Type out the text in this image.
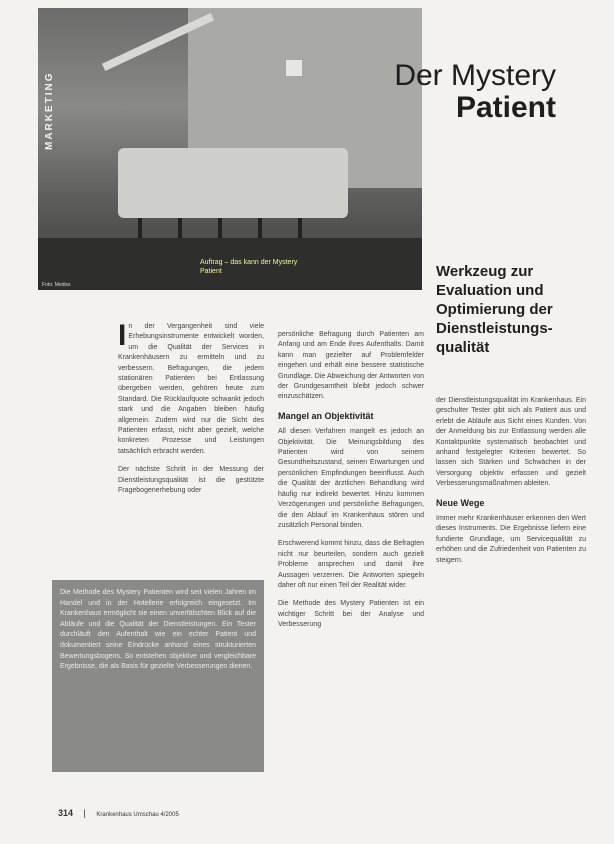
Foto: Medixx
Auftrag – das kann der Mystery Patient
MARKETING	Der Mystery
Patient
Werkzeug zur Evaluation und Optimierung der Dienstleistungs-qualität

In der Vergangenheit sind viele Erhebungsinstrumente entwickelt worden, um die Qualität der Services in Krankenhäusern zu ermitteln und zu verbessern. Befragungen, die jedem stationären Patienten bei Entlassung übergeben werden, gehören heute zum Standard. Die Rücklaufquote schwankt jedoch stark und die Angaben bleiben häufig allgemein. Zudem wird nur die Sicht des Patienten erfasst, nicht aber gezielt, welche konkreten Prozesse und Leistungen tatsächlich erbracht werden.

Der nächste Schritt in der Messung der Dienstleistungsqualität ist die gestützte Fragebogenerhebung oder

persönliche Befragung durch Patienten am Anfang und am Ende ihres Aufenthalts. Damit kann man gezielter auf Problemfelder eingehen und erhält eine bessere statistische Grundlage. Die Abweichung der Antworten von der Grundgesamtheit bleibt jedoch schwer einzuschätzen.

Mangel an Objektivität

All diesen Verfahren mangelt es jedoch an Objektivität. Die Meinungsbildung des Patienten wird von seinem Gesundheitszustand, seinen Erwartungen und persönlichen Empfindungen beeinflusst. Auch die Qualität der ärztlichen Behandlung wird häufig nur indirekt bewertet. Hinzu kommen Verzögerungen und persönliche Befragungen, die den Ablauf im Krankenhaus stören und zusätzlich Personal binden.

Erschwerend kommt hinzu, dass die Befragten nicht nur beurteilen, sondern auch gezielt Probleme ansprechen und damit ihre Aussagen verzerren. Die Antworten spiegeln daher oft nur einen Teil der Realität wider.

Die Methode des Mystery Patienten ist ein wichtiger Schritt bei der Analyse und Verbesserung

der Dienstleistungsqualität im Krankenhaus. Ein geschulter Tester gibt sich als Patient aus und erlebt die Abläufe aus Sicht eines Kunden. Von der Anmeldung bis zur Entlassung werden alle Kontaktpunkte systematisch beobachtet und anhand festgelegter Kriterien bewertet. So lassen sich Stärken und Schwächen in der Versorgung objektiv erfassen und gezielt Verbesserungsmaßnahmen ableiten.

Neue Wege

Immer mehr Krankenhäuser erkennen den Wert dieses Instruments. Die Ergebnisse liefern eine fundierte Grundlage, um Servicequalität zu erhöhen und die Zufriedenheit von Patienten zu steigern.

Die Methode des Mystery Patienten wird seit vielen Jahren im Handel und in der Hotellerie erfolgreich eingesetzt. Im Krankenhaus ermöglicht sie einen unverfälschten Blick auf die Abläufe und die Qualität der Dienstleistungen. Ein Tester durchläuft den Aufenthalt wie ein echter Patient und dokumentiert seine Eindrücke anhand eines strukturierten Bewertungsbogens. So entstehen objektive und vergleichbare Ergebnisse, die als Basis für gezielte Verbesserungen dienen.
314 | Krankenhaus Umschau 4/2005
